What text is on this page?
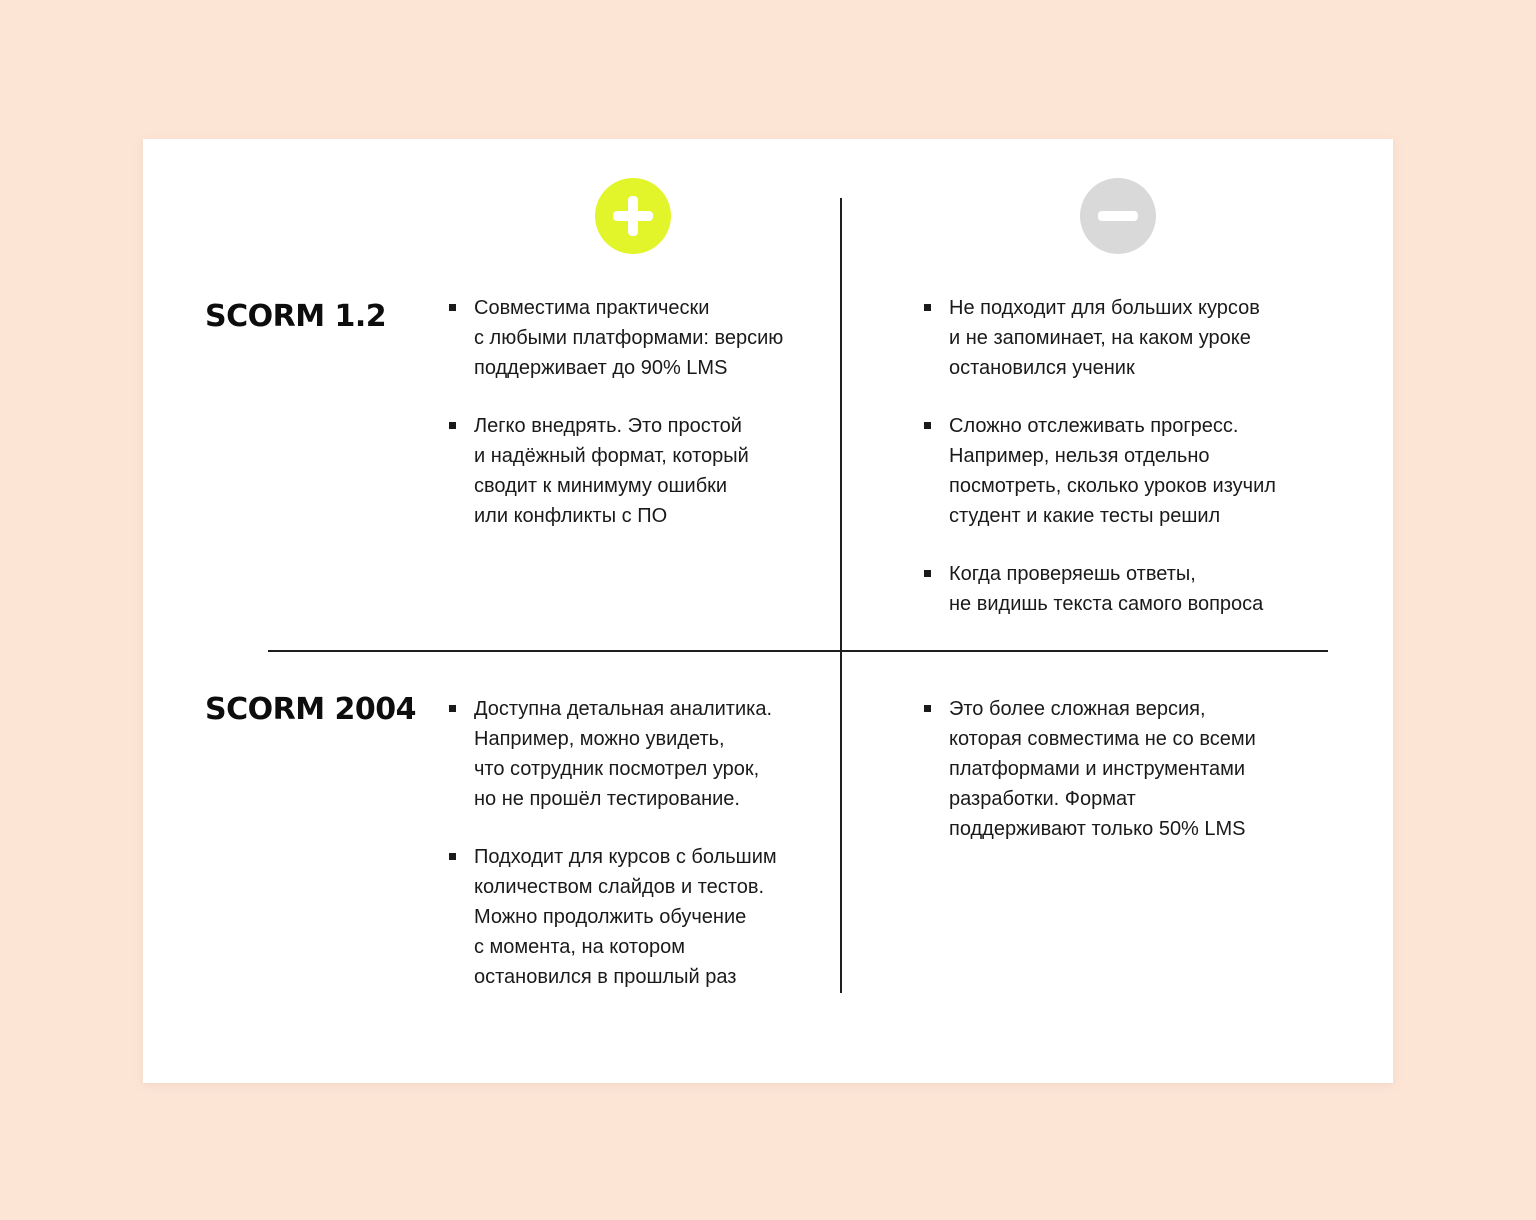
SCORM 1.2
SCORM 2004
Совместима практически
с любыми платформами: версию
поддерживает до 90% LMS
Легко внедрять. Это простой
и надёжный формат, который
сводит к минимуму ошибки
или конфликты с ПО
Не подходит для больших курсов
и не запоминает, на каком уроке
остановился ученик
Сложно отслеживать прогресс.
Например, нельзя отдельно
посмотреть, сколько уроков изучил
студент и какие тесты решил
Когда проверяешь ответы,
не видишь текста самого вопроса
Доступна детальная аналитика.
Например, можно увидеть,
что сотрудник посмотрел урок,
но не прошёл тестирование.
Подходит для курсов с большим
количеством слайдов и тестов.
Можно продолжить обучение
с момента, на котором
остановился в прошлый раз
Это более сложная версия,
которая совместима не со всеми
платформами и инструментами
разработки. Формат
поддерживают только 50% LMS
